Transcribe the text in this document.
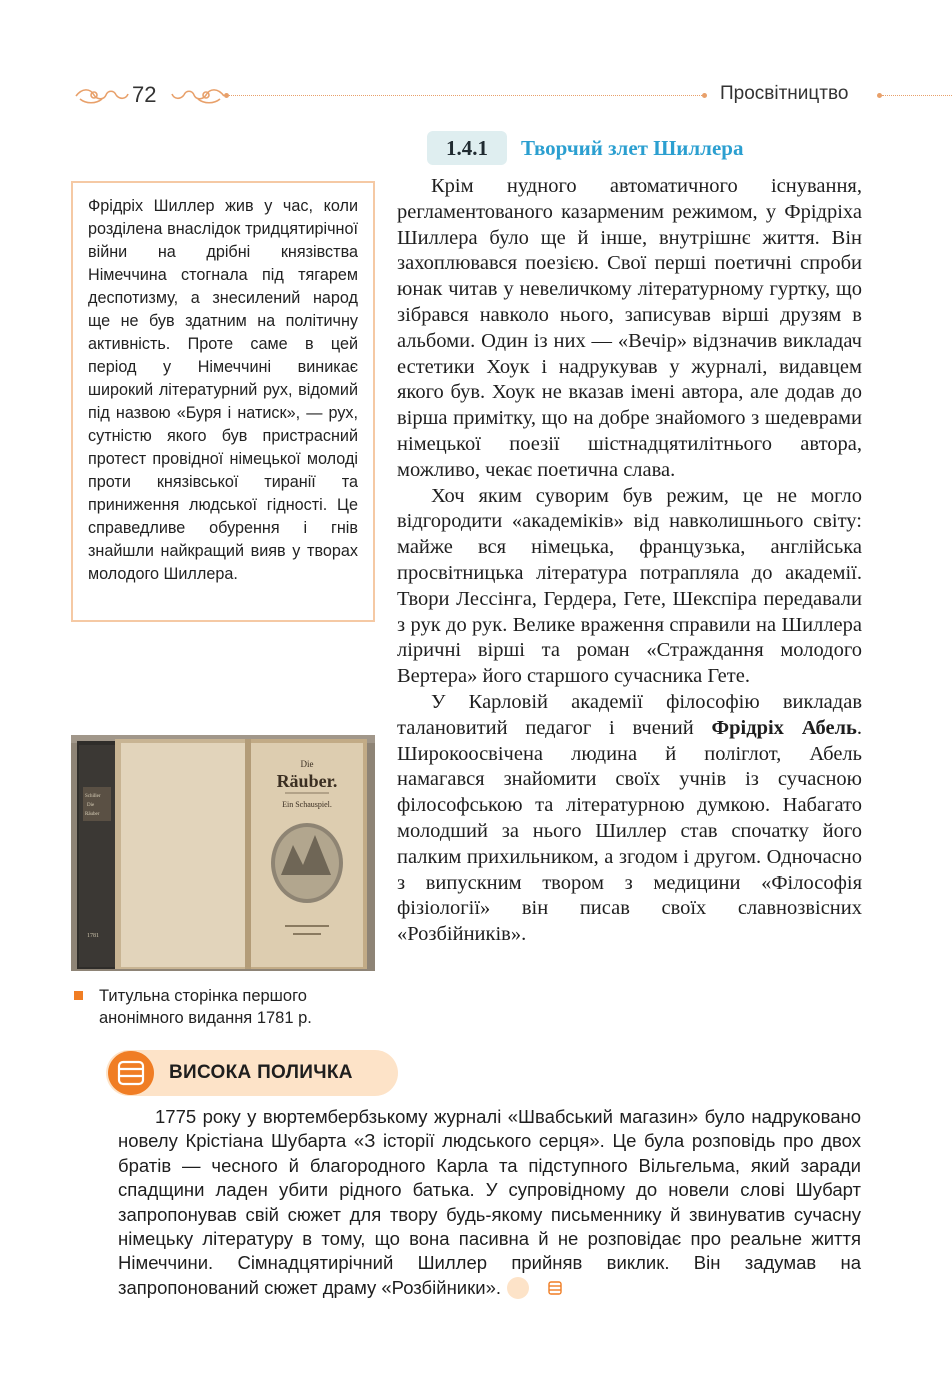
72	Просвітництво
1.4.1	Творчий злет Шиллера

Крім нудного автоматичного існування, регламентованого казарменим режимом, у Фрідріха Шиллера було ще й інше, внутрішнє життя. Він захоплювався поезією. Свої перші поетичні спроби юнак читав у невеличкому літературному гуртку, що зібрався навколо нього, записував вірші друзям в альбоми. Один із них — «Вечір» відзначив викладач естетики Хоук і надрукував у журналі, видавцем якого був. Хоук не вказав імені автора, але додав до вірша примітку, що на добре знайомого з шедеврами німецької поезії шістнадцятилітнього автора, можливо, чекає поетична слава.

Хоч яким суворим був режим, це не могло відгородити «академіків» від навколишнього світу: майже вся німецька, французька, англійська просвітницька література потрапляла до академії. Твори Лессінга, Гердера, Гете, Шекспіра передавали з рук до рук. Велике враження справили на Шиллера ліричні вірші та роман «Страждання молодого Вертера» його старшого сучасника Гете.

У Карловій академії філософію викладав талановитий педагог і вчений Фрідріх Абель. Широкоосвічена людина й поліглот, Абель намагався знайомити своїх учнів із сучасною філософською та літературною думкою. Набагато молодший за нього Шиллер став спочатку його палким прихильником, а згодом і другом. Одночасно з випускним твором з медицини «Філософія фізіології» він писав своїх славнозвісних «Розбійників».

Фрідріх Шиллер жив у час, коли розділена внаслідок тридцятирічної війни на дрібні князівства Німеччина стогнала під тягарем деспотизму, а знесилений народ ще не був здатним на політичну активність. Проте саме в цей період у Німеччині виникає широкий літературний рух, відомий під назвою «Буря і натиск», — рух, сутністю якого був пристрасний протест провідної німецької молоді проти князівської тиранії та приниження людської гідності. Це справедливе обурення і гнів знайшли найкращий вияв у творах молодого Шиллера.
Schiller
Die
Räuber
1781
Die
Räuber.
Ein Schauspiel.
Титульна сторінка першого анонімного видання 1781 р.
ВИСОКА ПОЛИЧКА

1775 року у вюртембербзькому журналі «Швабський магазин» було надруковано новелу Крістіана Шубарта «З історії людського серця». Це була розповідь про двох братів — чесного й благородного Карла та підступного Вільгельма, який заради спадщини ладен убити рідного батька. У супровідному до новели слові Шубарт запропонував свій сюжет для твору будь-якому письменнику й звинуватив сучасну німецьку літературу в тому, що вона пасивна й не розповідає про реальне життя Німеччини. Сімнадцятирічний Шиллер прийняв виклик. Він задумав на запропонований сюжет драму «Розбійники».
